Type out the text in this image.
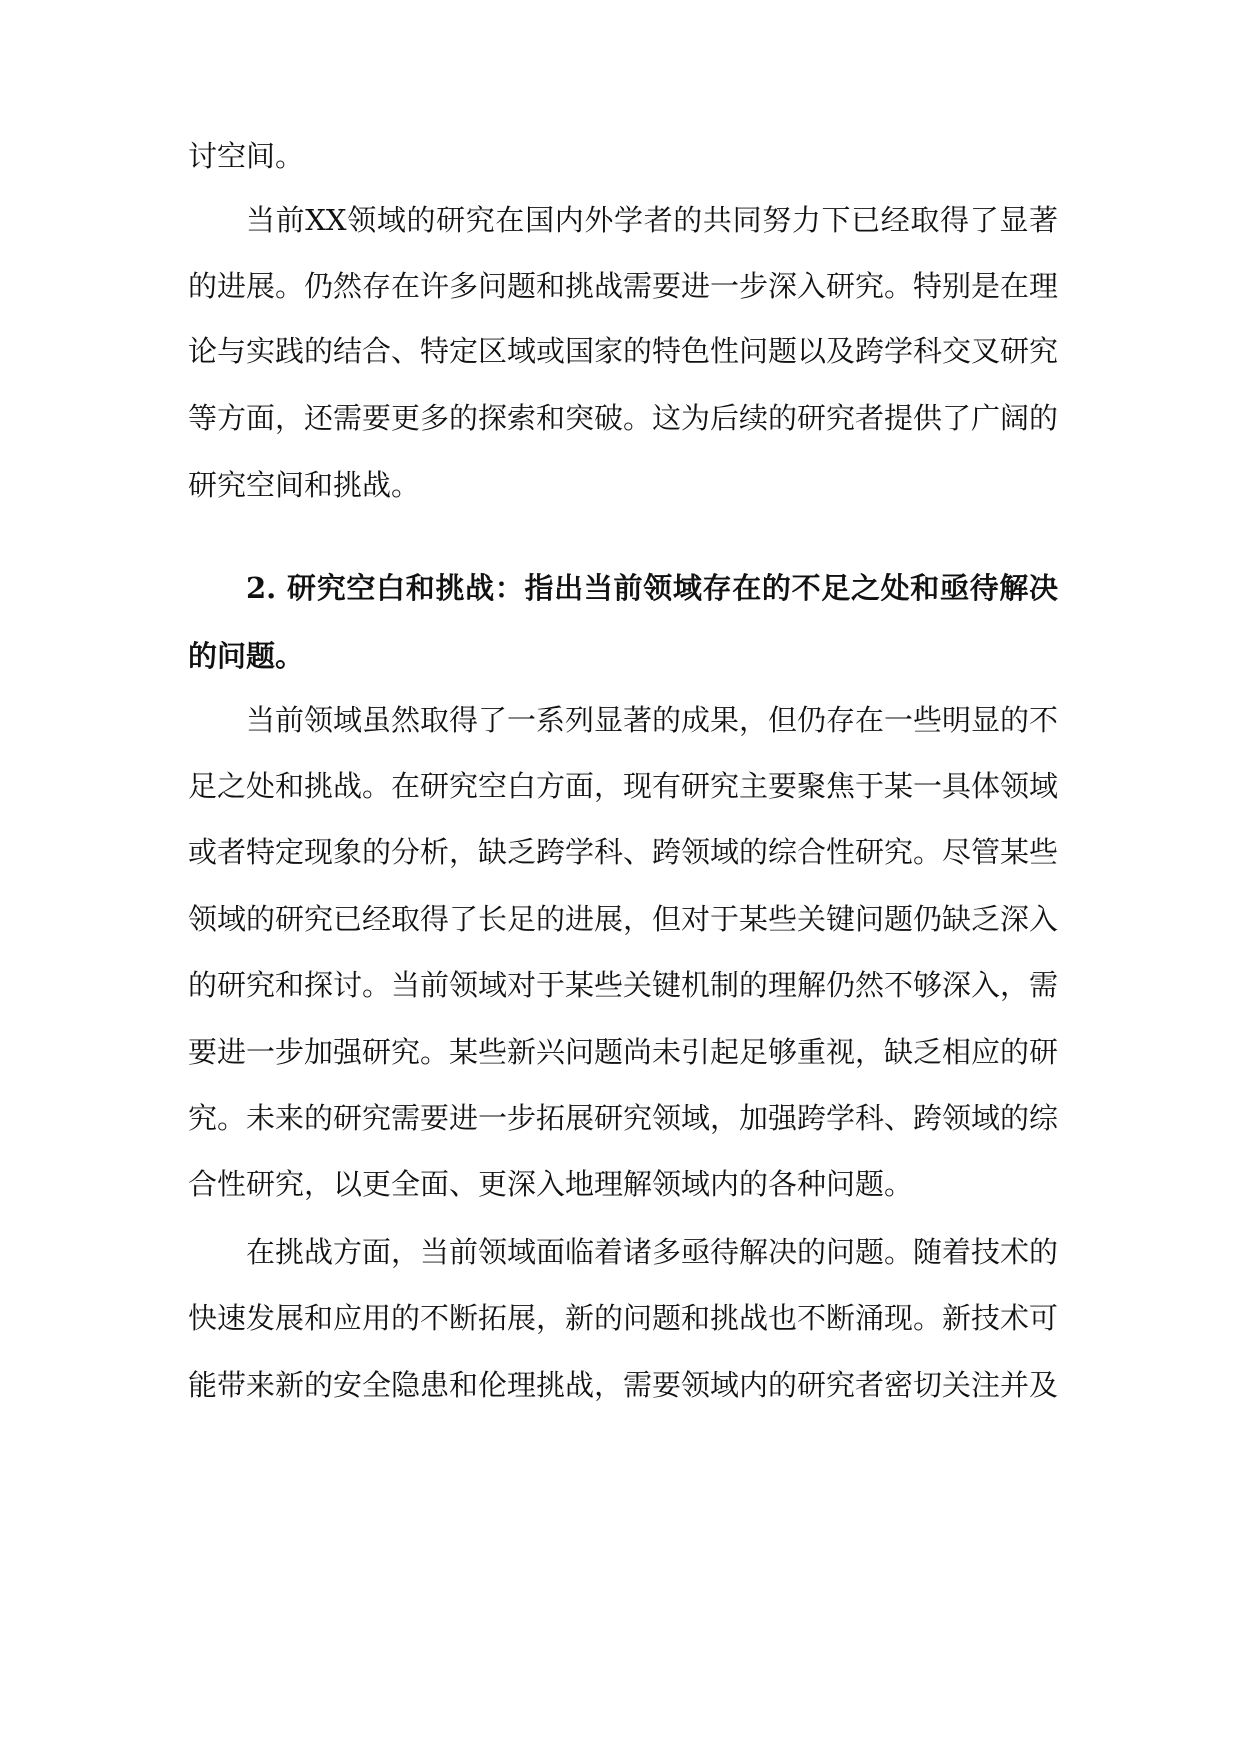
讨空间。
当前XX领域的研究在国内外学者的共同努力下已经取得了显著
的进展。仍然存在许多问题和挑战需要进一步深入研究。特别是在理
论与实践的结合、特定区域或国家的特色性问题以及跨学科交叉研究
等方面，还需要更多的探索和突破。这为后续的研究者提供了广阔的
研究空间和挑战。
2. 研究空白和挑战：指出当前领域存在的不足之处和亟待解决
的问题。
当前领域虽然取得了一系列显著的成果，但仍存在一些明显的不
足之处和挑战。在研究空白方面，现有研究主要聚焦于某一具体领域
或者特定现象的分析，缺乏跨学科、跨领域的综合性研究。尽管某些
领域的研究已经取得了长足的进展，但对于某些关键问题仍缺乏深入
的研究和探讨。当前领域对于某些关键机制的理解仍然不够深入，需
要进一步加强研究。某些新兴问题尚未引起足够重视，缺乏相应的研
究。未来的研究需要进一步拓展研究领域，加强跨学科、跨领域的综
合性研究，以更全面、更深入地理解领域内的各种问题。
在挑战方面，当前领域面临着诸多亟待解决的问题。随着技术的
快速发展和应用的不断拓展，新的问题和挑战也不断涌现。新技术可
能带来新的安全隐患和伦理挑战，需要领域内的研究者密切关注并及
